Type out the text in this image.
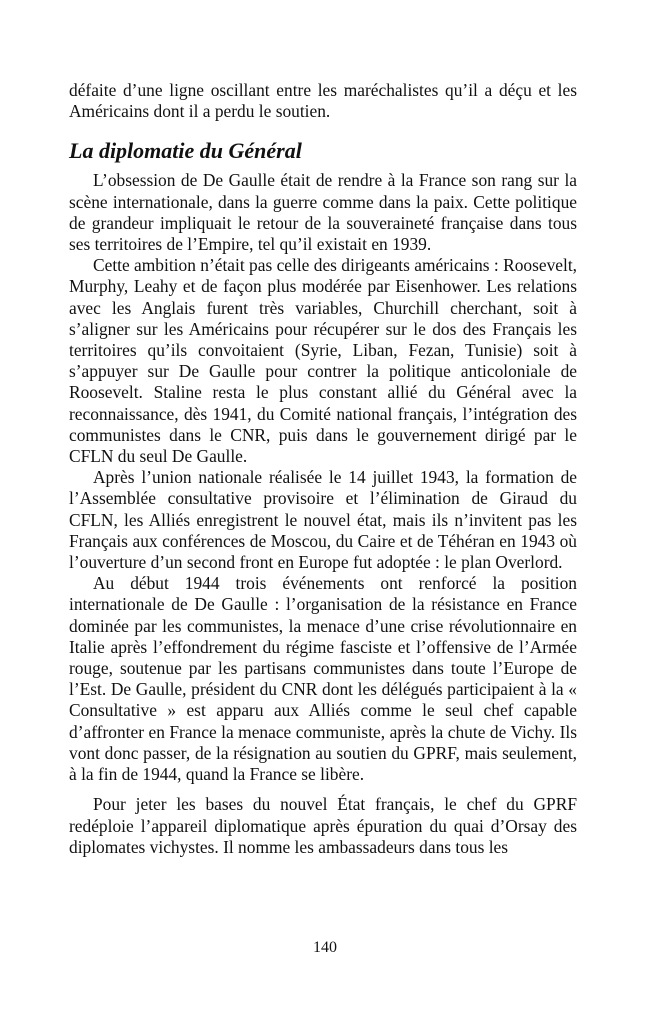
défaite d’une ligne oscillant entre les maréchalistes qu’il a déçu et les Américains dont il a perdu le soutien.

La diplomatie du Général

L’obsession de De Gaulle était de rendre à la France son rang sur la scène internationale, dans la guerre comme dans la paix. Cette politique de grandeur impliquait le retour de la souveraineté française dans tous ses territoires de l’Empire, tel qu’il existait en 1939.

Cette ambition n’était pas celle des dirigeants américains : Roosevelt, Murphy, Leahy et de façon plus modérée par Eisenhower. Les relations avec les Anglais furent très variables, Churchill cherchant, soit à s’aligner sur les Américains pour récupérer sur le dos des Français les territoires qu’ils convoitaient (Syrie, Liban, Fezan, Tunisie) soit à s’appuyer sur De Gaulle pour contrer la politique anticoloniale de Roosevelt. Staline resta le plus constant allié du Général avec la reconnaissance, dès 1941, du Comité national français, l’intégration des communistes dans le CNR, puis dans le gouvernement dirigé par le CFLN du seul De Gaulle.

Après l’union nationale réalisée le 14 juillet 1943, la formation de l’Assemblée consultative provisoire et l’élimination de Giraud du CFLN, les Alliés enregistrent le nouvel état, mais ils n’invitent pas les Français aux conférences de Moscou, du Caire et de Téhéran en 1943 où l’ouverture d’un second front en Europe fut adoptée : le plan Overlord.

Au début 1944 trois événements ont renforcé la position internationale de De Gaulle : l’organisation de la résistance en France dominée par les communistes, la menace d’une crise révolutionnaire en Italie après l’effondrement du régime fasciste et l’offensive de l’Armée rouge, soutenue par les partisans communistes dans toute l’Europe de l’Est. De Gaulle, président du CNR dont les délégués participaient à la « Consultative » est apparu aux Alliés comme le seul chef capable d’affronter en France la menace communiste, après la chute de Vichy. Ils vont donc passer, de la résignation au soutien du GPRF, mais seulement, à la fin de 1944, quand la France se libère.

Pour jeter les bases du nouvel État français, le chef du GPRF redéploie l’appareil diplomatique après épuration du quai d’Orsay des diplomates vichystes. Il nomme les ambassadeurs dans tous les

140
